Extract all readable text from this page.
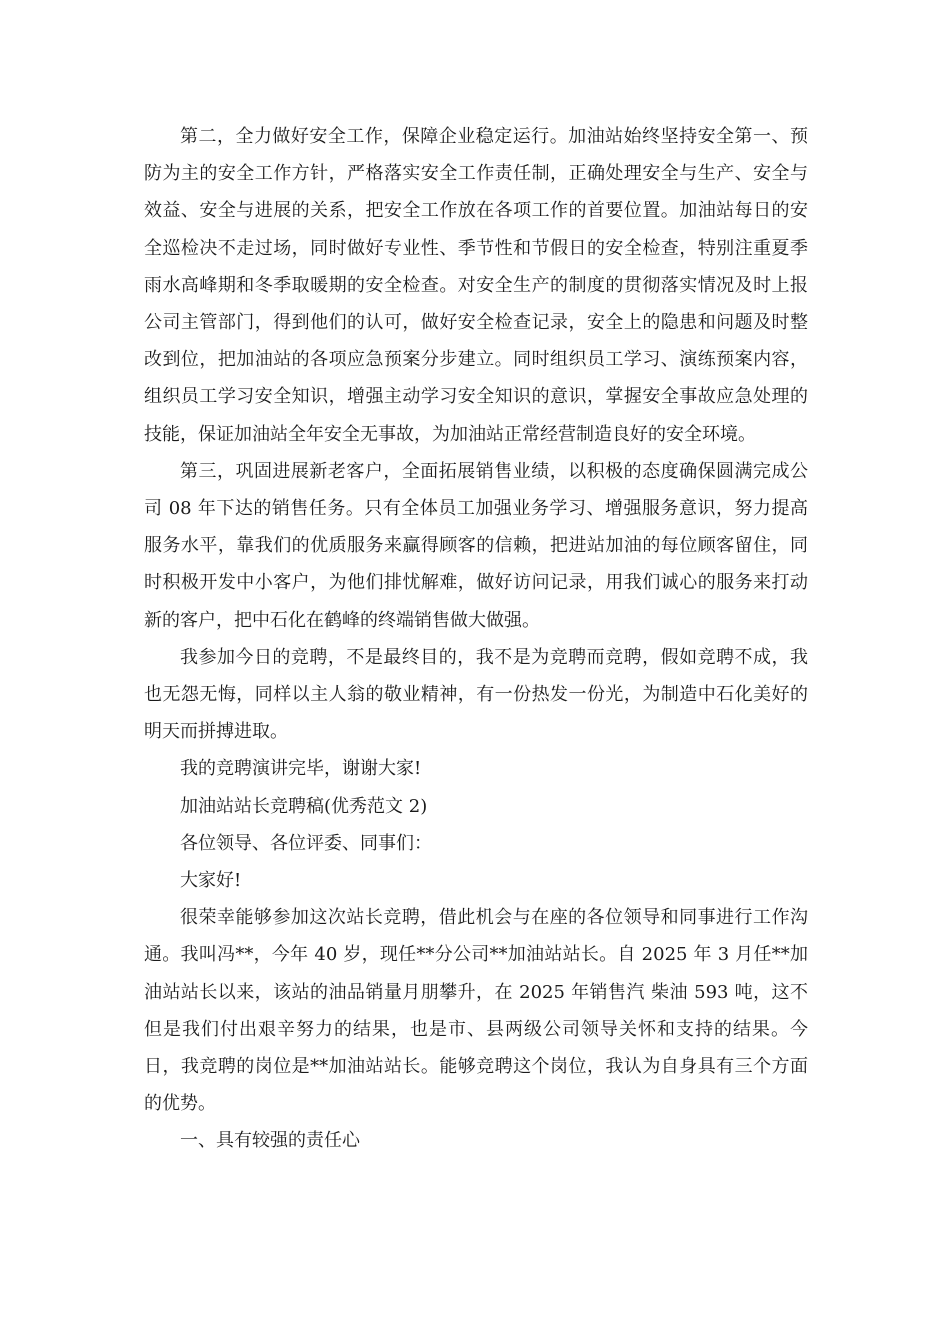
第二，全力做好安全工作，保障企业稳定运行。加油站始终坚持安全第一、预防为主的安全工作方针，严格落实安全工作责任制，正确处理安全与生产、安全与效益、安全与进展的关系，把安全工作放在各项工作的首要位置。加油站每日的安全巡检决不走过场，同时做好专业性、季节性和节假日的安全检查，特别注重夏季雨水高峰期和冬季取暖期的安全检查。对安全生产的制度的贯彻落实情况及时上报公司主管部门，得到他们的认可，做好安全检查记录，安全上的隐患和问题及时整改到位，把加油站的各项应急预案分步建立。同时组织员工学习、演练预案内容，组织员工学习安全知识，增强主动学习安全知识的意识，掌握安全事故应急处理的技能，保证加油站全年安全无事故，为加油站正常经营制造良好的安全环境。

第三，巩固进展新老客户，全面拓展销售业绩，以积极的态度确保圆满完成公司 08 年下达的销售任务。只有全体员工加强业务学习、增强服务意识，努力提高服务水平，靠我们的优质服务来赢得顾客的信赖，把进站加油的每位顾客留住，同时积极开发中小客户，为他们排忧解难，做好访问记录，用我们诚心的服务来打动新的客户，把中石化在鹤峰的终端销售做大做强。

我参加今日的竞聘，不是最终目的，我不是为竞聘而竞聘，假如竞聘不成，我也无怨无悔，同样以主人翁的敬业精神，有一份热发一份光，为制造中石化美好的明天而拼搏进取。

我的竞聘演讲完毕，谢谢大家!

加油站站长竞聘稿(优秀范文 2)

各位领导、各位评委、同事们：

大家好!

很荣幸能够参加这次站长竞聘，借此机会与在座的各位领导和同事进行工作沟通。我叫冯**，今年 40 岁，现任**分公司**加油站站长。自 2025 年 3 月任**加油站站长以来，该站的油品销量月朋攀升，在 2025 年销售汽 柴油 593 吨，这不但是我们付出艰辛努力的结果，也是市、县两级公司领导关怀和支持的结果。今日，我竞聘的岗位是**加油站站长。能够竞聘这个岗位，我认为自身具有三个方面的优势。

一、具有较强的责任心
